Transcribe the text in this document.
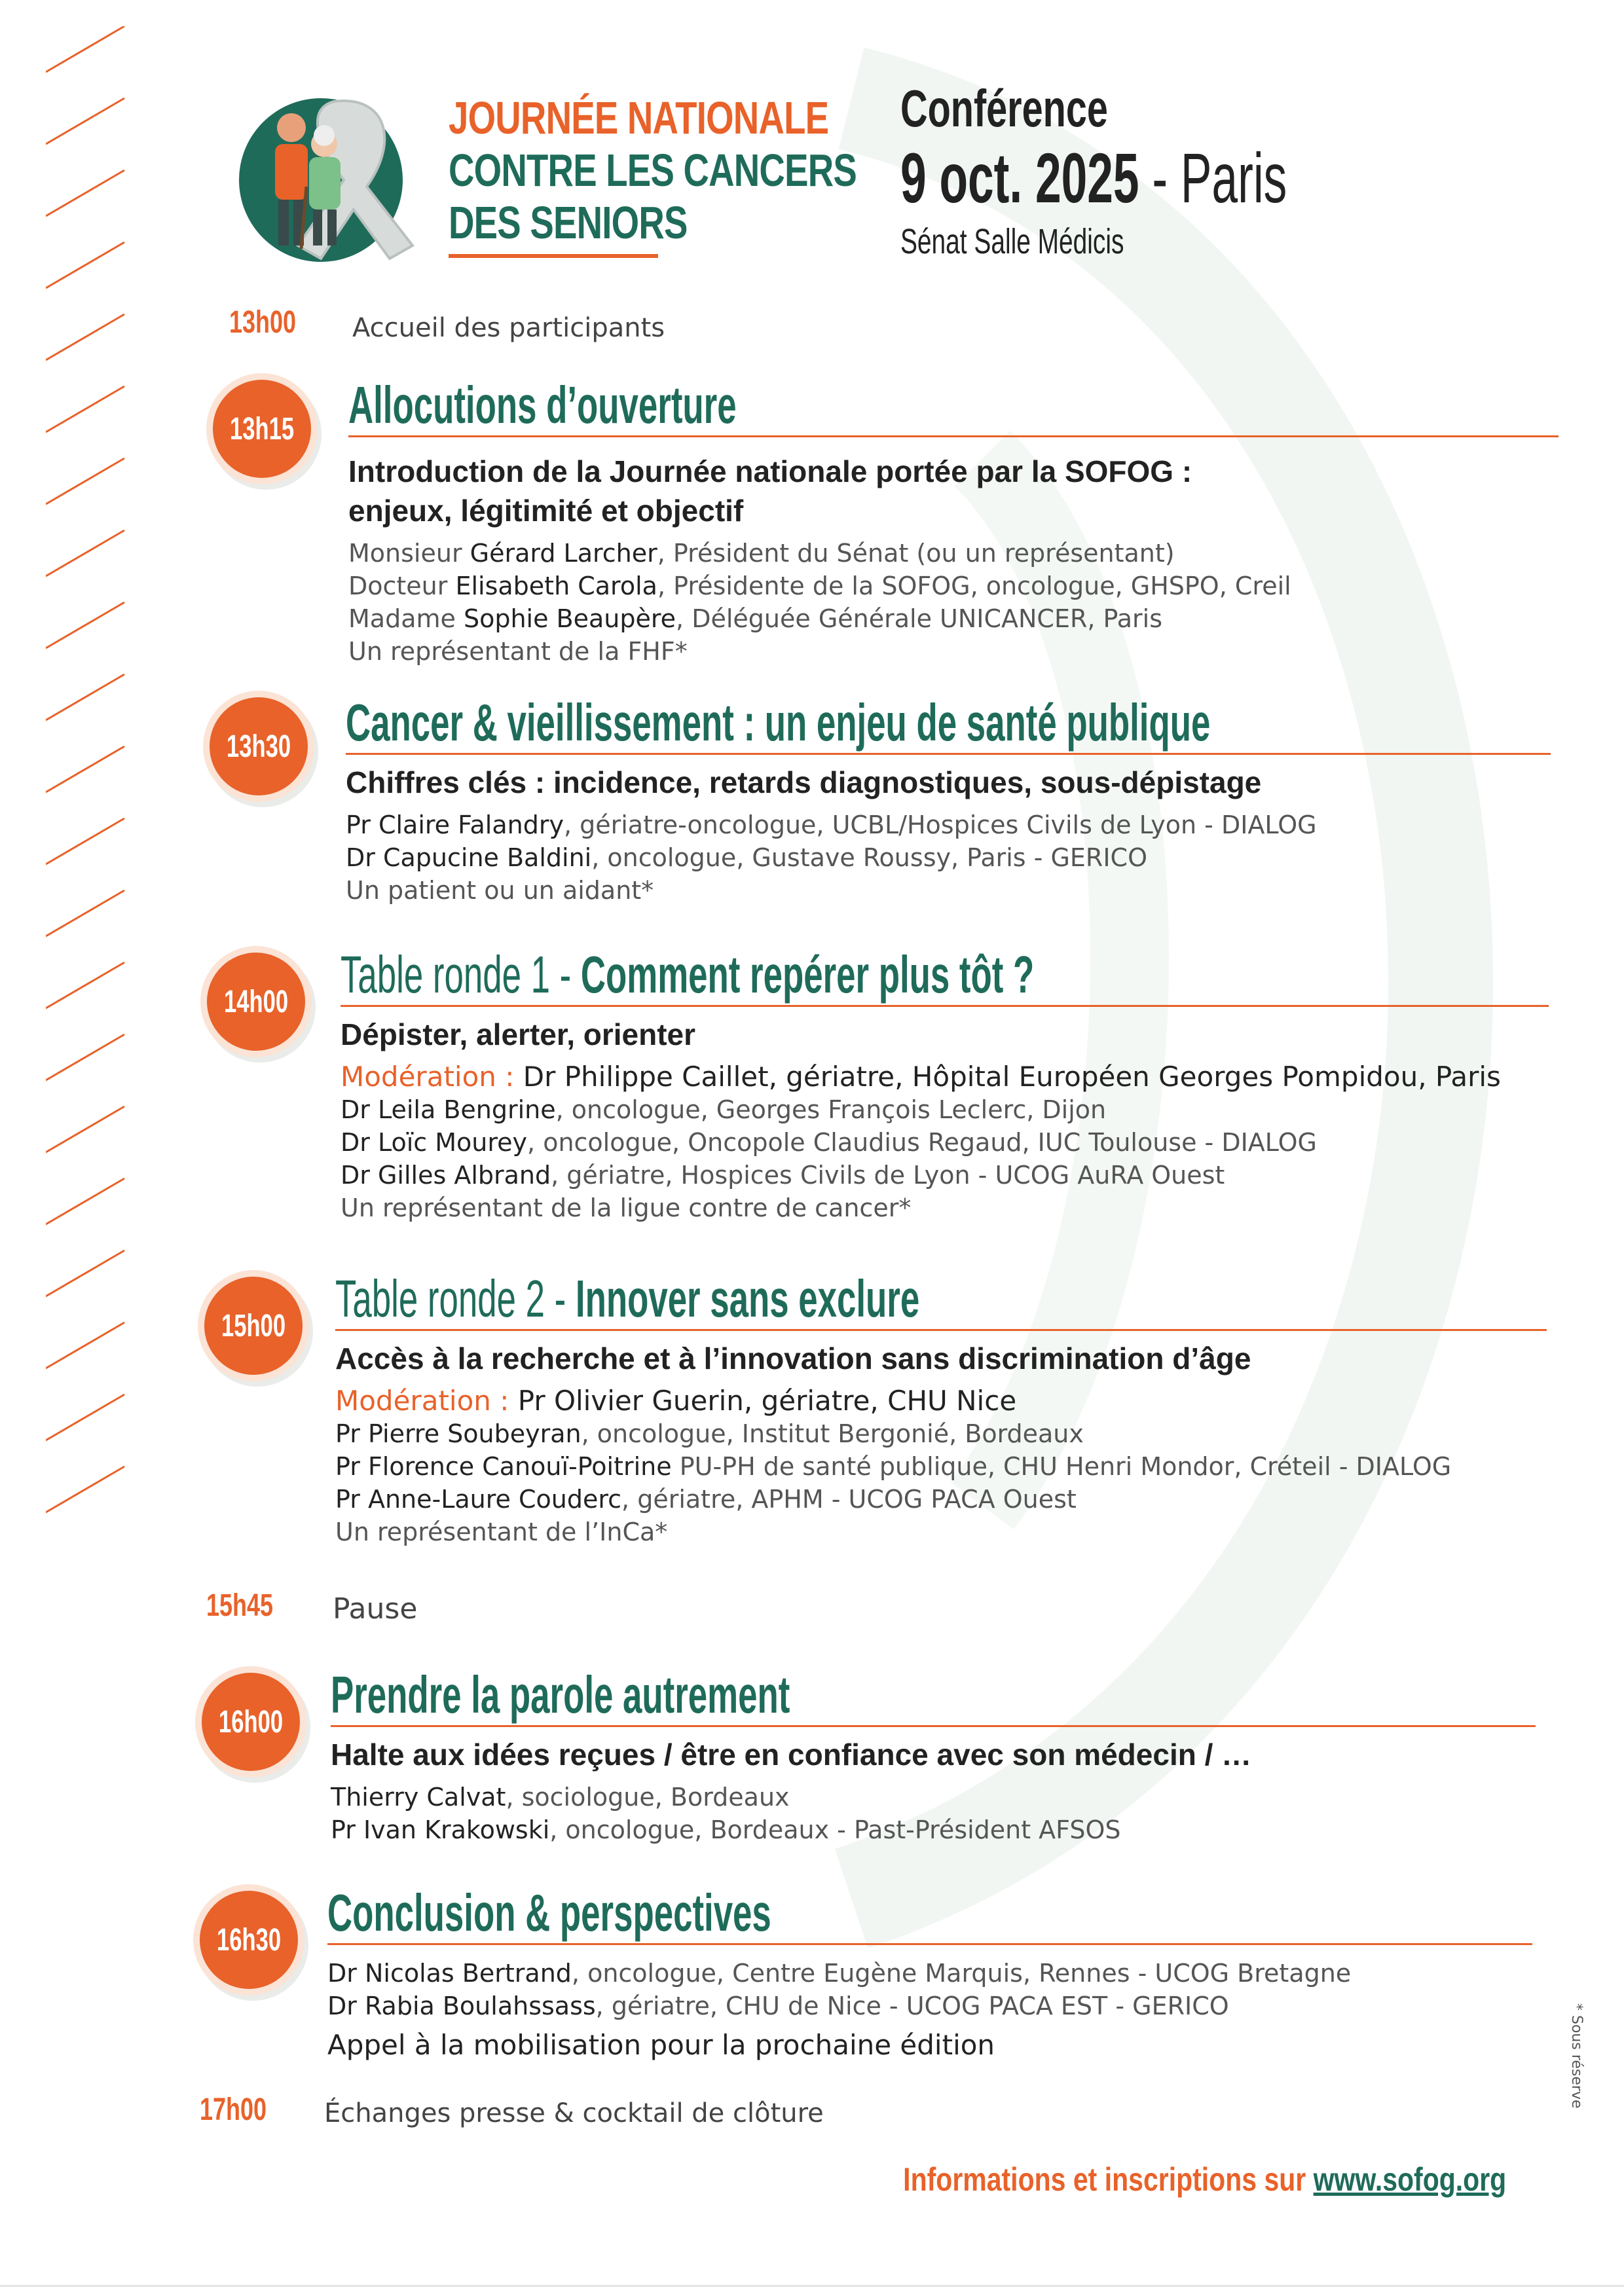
JOURNÉE NATIONALE
CONTRE LES CANCERS
DES SENIORS
Conférence
9 oct. 2025 - Paris
Sénat Salle Médicis
13h00 Accueil des participants
13h15 Allocutions d’ouverture
Introduction de la Journée nationale portée par la SOFOG :
enjeux, légitimité et objectif
Monsieur Gérard Larcher, Président du Sénat (ou un représentant)
Docteur Elisabeth Carola, Présidente de la SOFOG, oncologue, GHSPO, Creil
Madame Sophie Beaupère, Déléguée Générale UNICANCER, Paris
Un représentant de la FHF*
13h30 Cancer & vieillissement : un enjeu de santé publique
Chiffres clés : incidence, retards diagnostiques, sous-dépistage
Pr Claire Falandry, gériatre-oncologue, UCBL/Hospices Civils de Lyon - DIALOG
Dr Capucine Baldini, oncologue, Gustave Roussy, Paris - GERICO
Un patient ou un aidant*
14h00 Table ronde 1 - Comment repérer plus tôt ?
Dépister, alerter, orienter
Modération : Dr Philippe Caillet, gériatre, Hôpital Européen Georges Pompidou, Paris
Dr Leila Bengrine, oncologue, Georges François Leclerc, Dijon
Dr Loïc Mourey, oncologue, Oncopole Claudius Regaud, IUC Toulouse - DIALOG
Dr Gilles Albrand, gériatre, Hospices Civils de Lyon - UCOG AuRA Ouest
Un représentant de la ligue contre de cancer*
15h00 Table ronde 2 - Innover sans exclure
Accès à la recherche et à l’innovation sans discrimination d’âge
Modération : Pr Olivier Guerin, gériatre, CHU Nice
Pr Pierre Soubeyran, oncologue, Institut Bergonié, Bordeaux
Pr Florence Canouï-Poitrine PU-PH de santé publique, CHU Henri Mondor, Créteil - DIALOG
Pr Anne-Laure Couderc, gériatre, APHM - UCOG PACA Ouest
Un représentant de l’InCa*
15h45 Pause
16h00 Prendre la parole autrement
Halte aux idées reçues / être en confiance avec son médecin / …
Thierry Calvat, sociologue, Bordeaux
Pr Ivan Krakowski, oncologue, Bordeaux - Past-Président AFSOS
16h30 Conclusion & perspectives
Dr Nicolas Bertrand, oncologue, Centre Eugène Marquis, Rennes - UCOG Bretagne
Dr Rabia Boulahssass, gériatre, CHU de Nice - UCOG PACA EST - GERICO
Appel à la mobilisation pour la prochaine édition
17h00 Échanges presse & cocktail de clôture
Informations et inscriptions sur www.sofog.org
* Sous réserve
